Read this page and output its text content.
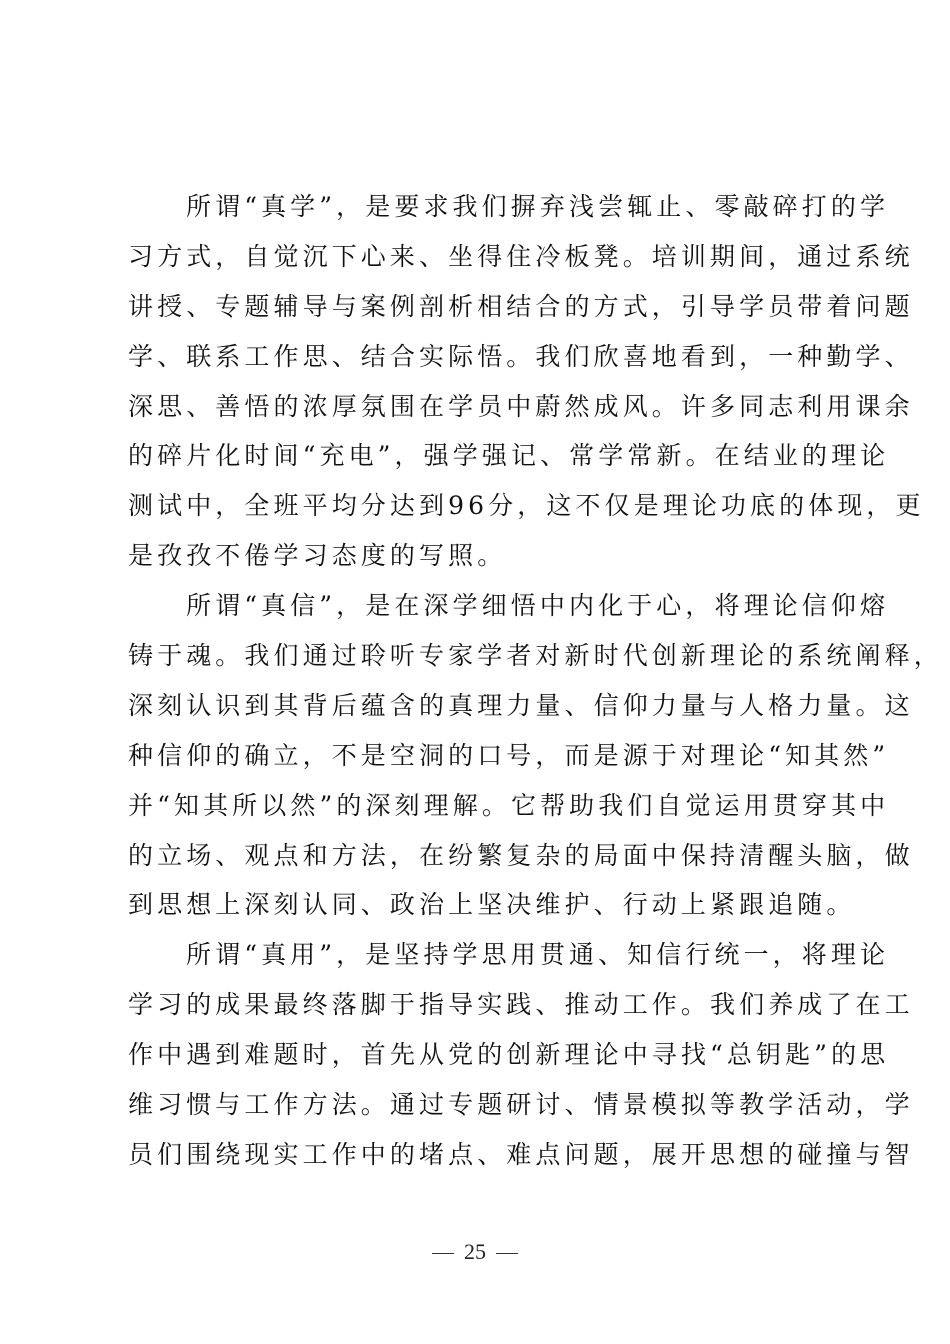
所谓“真学”，是要求我们摒弃浅尝辄止、零敲碎打的学
习方式，自觉沉下心来、坐得住冷板凳。培训期间，通过系统
讲授、专题辅导与案例剖析相结合的方式，引导学员带着问题
学、联系工作思、结合实际悟。我们欣喜地看到，一种勤学、
深思、善悟的浓厚氛围在学员中蔚然成风。许多同志利用课余
的碎片化时间“充电”，强学强记、常学常新。在结业的理论
测试中，全班平均分达到96分，这不仅是理论功底的体现，更
是孜孜不倦学习态度的写照。
所谓“真信”，是在深学细悟中内化于心，将理论信仰熔
铸于魂。我们通过聆听专家学者对新时代创新理论的系统阐释，
深刻认识到其背后蕴含的真理力量、信仰力量与人格力量。这
种信仰的确立，不是空洞的口号，而是源于对理论“知其然”
并“知其所以然”的深刻理解。它帮助我们自觉运用贯穿其中
的立场、观点和方法，在纷繁复杂的局面中保持清醒头脑，做
到思想上深刻认同、政治上坚决维护、行动上紧跟追随。
所谓“真用”，是坚持学思用贯通、知信行统一，将理论
学习的成果最终落脚于指导实践、推动工作。我们养成了在工
作中遇到难题时，首先从党的创新理论中寻找“总钥匙”的思
维习惯与工作方法。通过专题研讨、情景模拟等教学活动，学
员们围绕现实工作中的堵点、难点问题，展开思想的碰撞与智
25
